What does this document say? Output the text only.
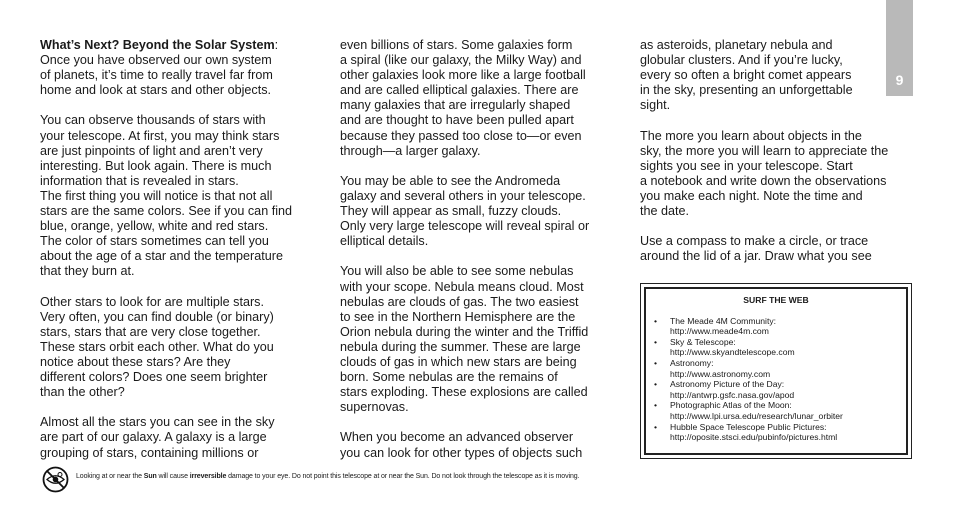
9

What’s Next? Beyond the Solar System:
Once you have observed our own system
of planets, it’s time to really travel far from
home and look at stars and other objects.

You can observe thousands of stars with
your telescope. At first, you may think stars
are just pinpoints of light and aren’t very
interesting. But look again. There is much
information that is revealed in stars.

The first thing you will notice is that not all
stars are the same colors. See if you can find
blue, orange, yellow, white and red stars.
The color of stars sometimes can tell you
about the age of a star and the temperature
that they burn at.

Other stars to look for are multiple stars.
Very often, you can find double (or binary)
stars, stars that are very close together.
These stars orbit each other. What do you
notice about these stars? Are they
different colors? Does one seem brighter
than the other?

Almost all the stars you can see in the sky
are part of our galaxy. A galaxy is a large
grouping of stars, containing millions or

even billions of stars. Some galaxies form
a spiral (like our galaxy, the Milky Way) and
other galaxies look more like a large football
and are called elliptical galaxies. There are
many galaxies that are irregularly shaped
and are thought to have been pulled apart
because they passed too close to—or even
through—a larger galaxy.

You may be able to see the Andromeda
galaxy and several others in your telescope.
They will appear as small, fuzzy clouds.
Only very large telescope will reveal spiral or
elliptical details.

You will also be able to see some nebulas
with your scope. Nebula means cloud. Most
nebulas are clouds of gas. The two easiest
to see in the Northern Hemisphere are the
Orion nebula during the winter and the Triffid
nebula during the summer. These are large
clouds of gas in which new stars are being
born. Some nebulas are the remains of
stars exploding. These explosions are called
supernovas.

When you become an advanced observer
you can look for other types of objects such

as asteroids, planetary nebula and
globular clusters. And if you’re lucky,
every so often a bright comet appears
in the sky, presenting an unforgettable
sight.

The more you learn about objects in the
sky, the more you will learn to appreciate the
sights you see in your telescope. Start
a notebook and write down the observations
you make each night. Note the time and
the date.

Use a compass to make a circle, or trace
around the lid of a jar. Draw what you see

SURF THE WEB
• The Meade 4M Community:
http://www.meade4m.com
• Sky & Telescope:
http://www.skyandtelescope.com
• Astronomy:
http://www.astronomy.com
• Astronomy Picture of the Day:
http://antwrp.gsfc.nasa.gov/apod
• Photographic Atlas of the Moon:
http://www.lpi.ursa.edu/research/lunar_orbiter
• Hubble Space Telescope Public Pictures:
http://oposite.stsci.edu/pubinfo/pictures.html
Looking at or near the Sun will cause irreversible damage to your eye. Do not point this telescope at or near the Sun. Do not look through the telescope as it is moving.
